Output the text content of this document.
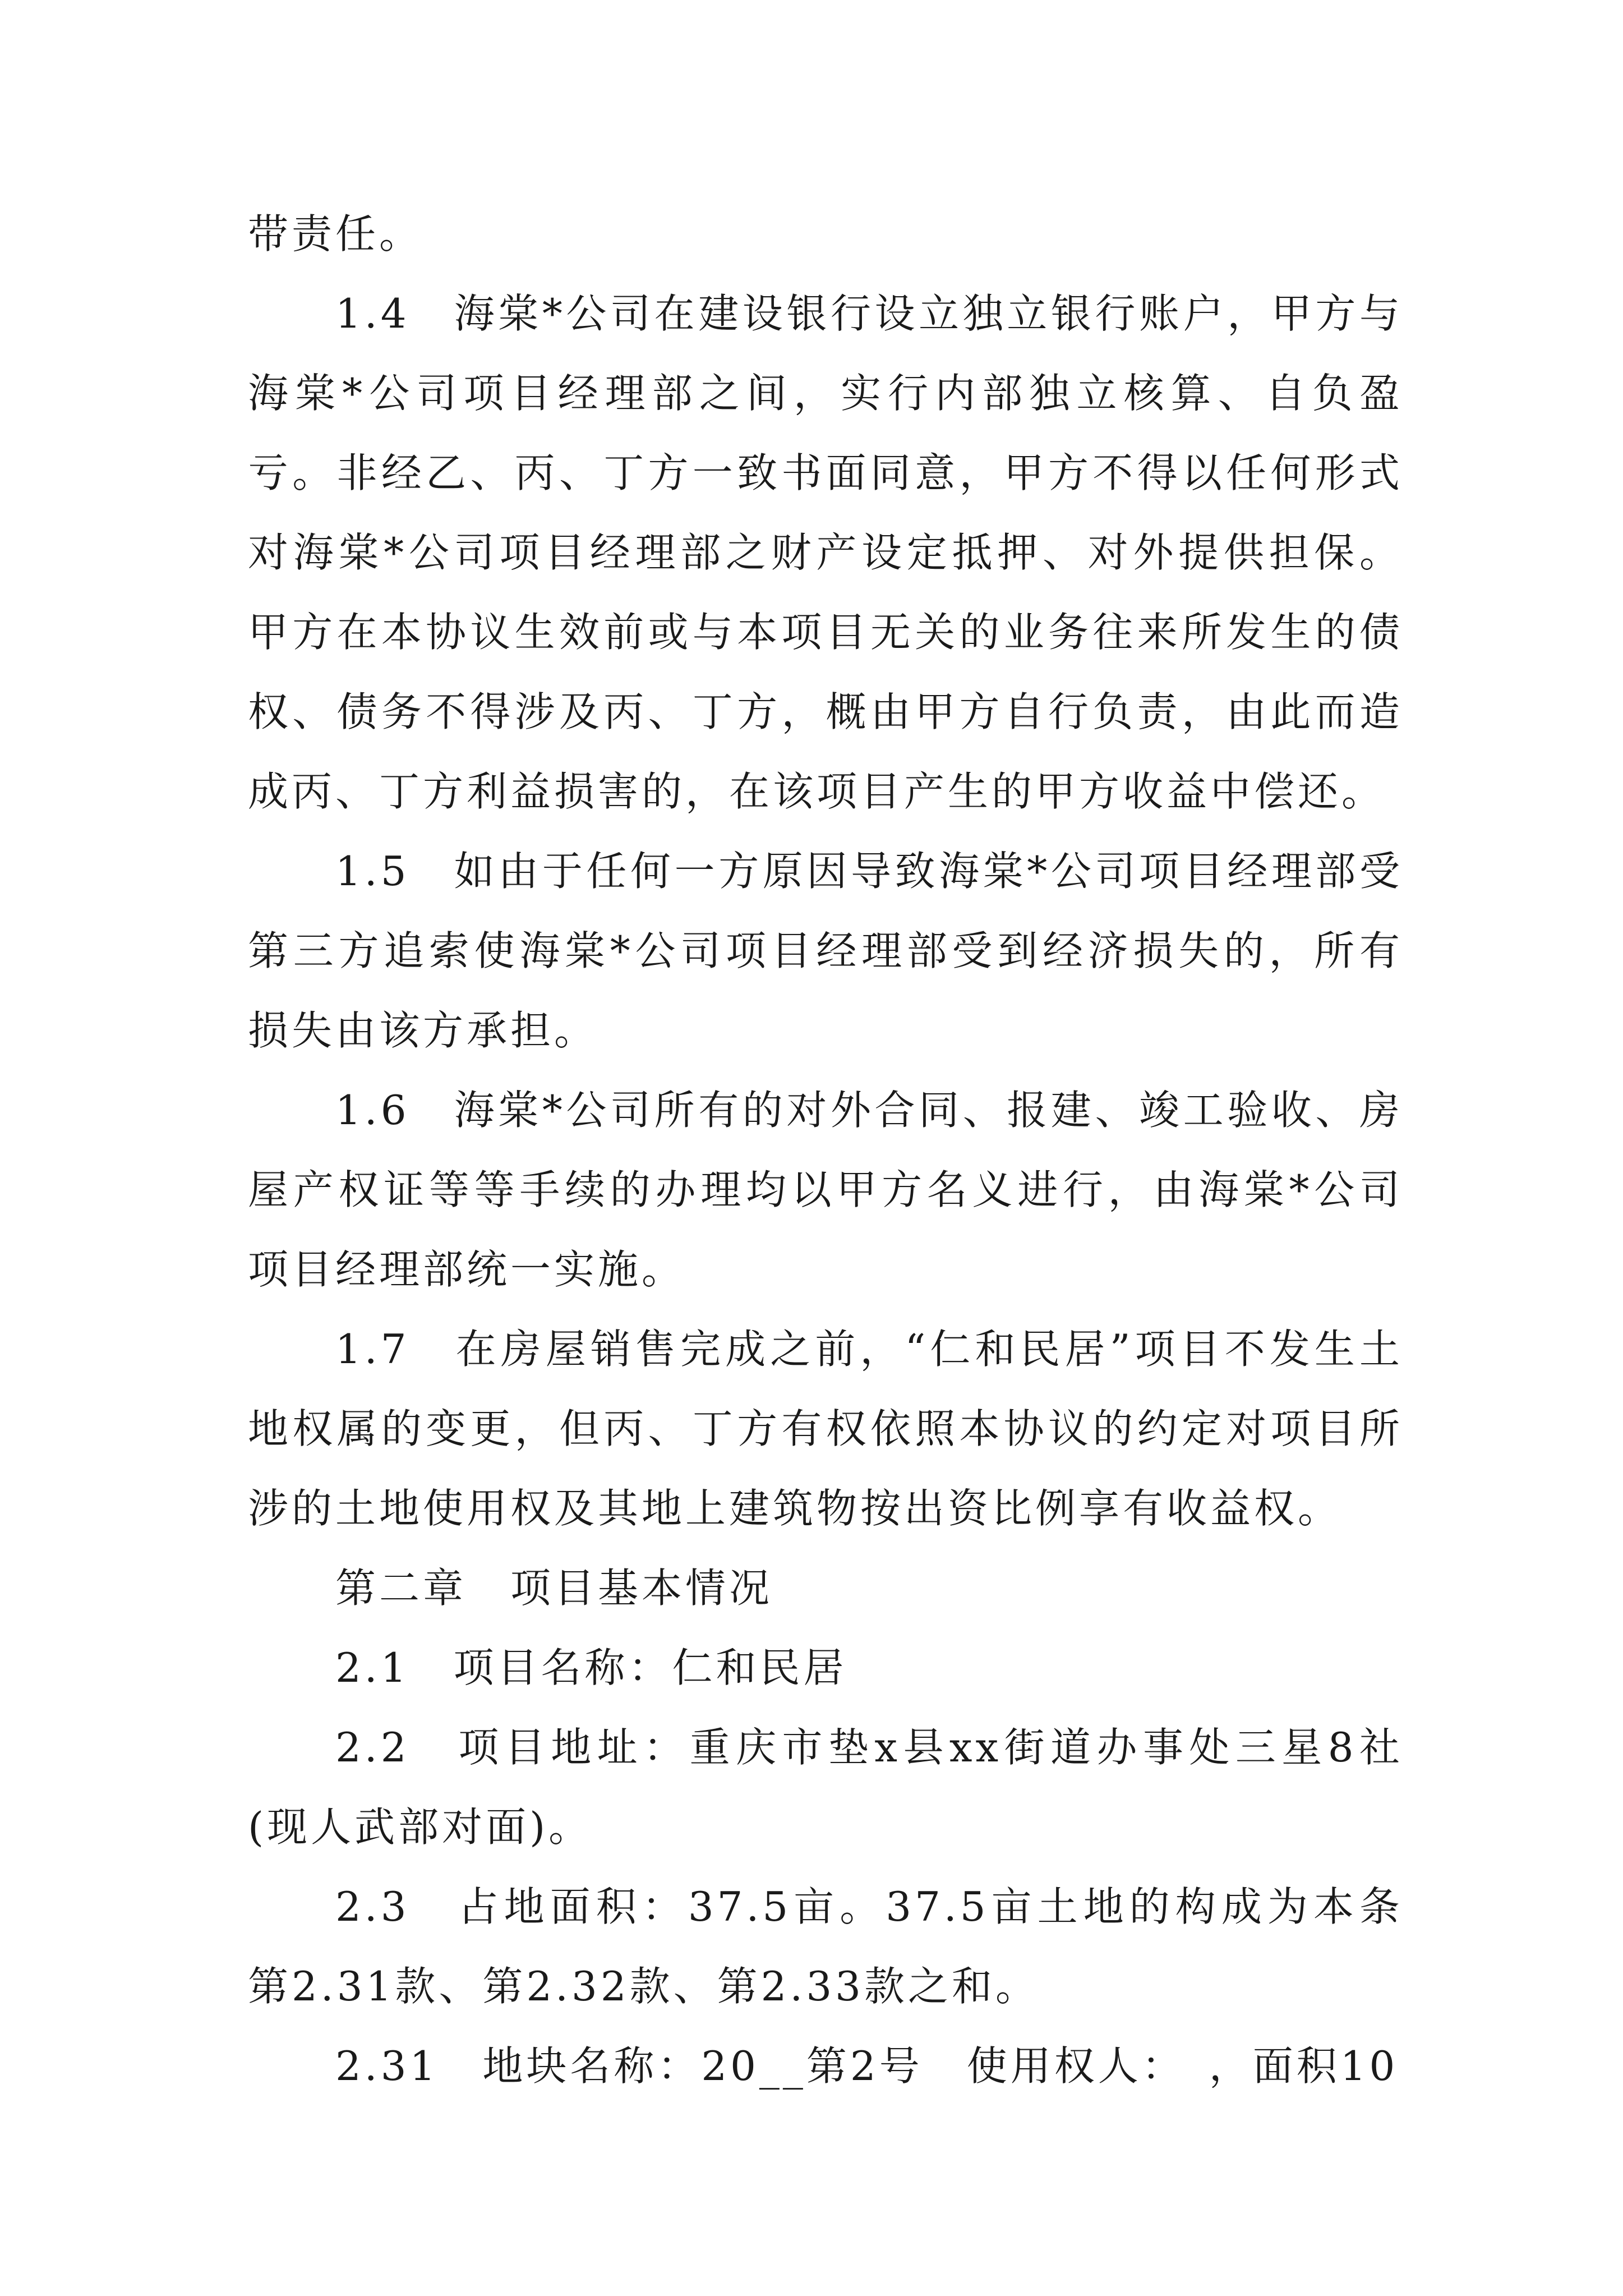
带责任。

1.4　海棠*公司在建设银行设立独立银行账户，甲方与海棠*公司项目经理部之间，实行内部独立核算、自负盈亏。非经乙、丙、丁方一致书面同意，甲方不得以任何形式对海棠*公司项目经理部之财产设定抵押、对外提供担保。甲方在本协议生效前或与本项目无关的业务往来所发生的债权、债务不得涉及丙、丁方，概由甲方自行负责，由此而造成丙、丁方利益损害的，在该项目产生的甲方收益中偿还。

1.5　如由于任何一方原因导致海棠*公司项目经理部受第三方追索使海棠*公司项目经理部受到经济损失的，所有损失由该方承担。

1.6　海棠*公司所有的对外合同、报建、竣工验收、房屋产权证等等手续的办理均以甲方名义进行，由海棠*公司项目经理部统一实施。

1.7　在房屋销售完成之前，“仁和民居”项目不发生土地权属的变更，但丙、丁方有权依照本协议的约定对项目所涉的土地使用权及其地上建筑物按出资比例享有收益权。

第二章　项目基本情况

2.1　项目名称：仁和民居

2.2　项目地址：重庆市垫x县xx街道办事处三星8社(现人武部对面)。

2.3　占地面积：37.5亩。37.5亩土地的构成为本条第2.31款、第2.32款、第2.33款之和。

2.31　地块名称：20__第2号　使用权人：　，面积10
